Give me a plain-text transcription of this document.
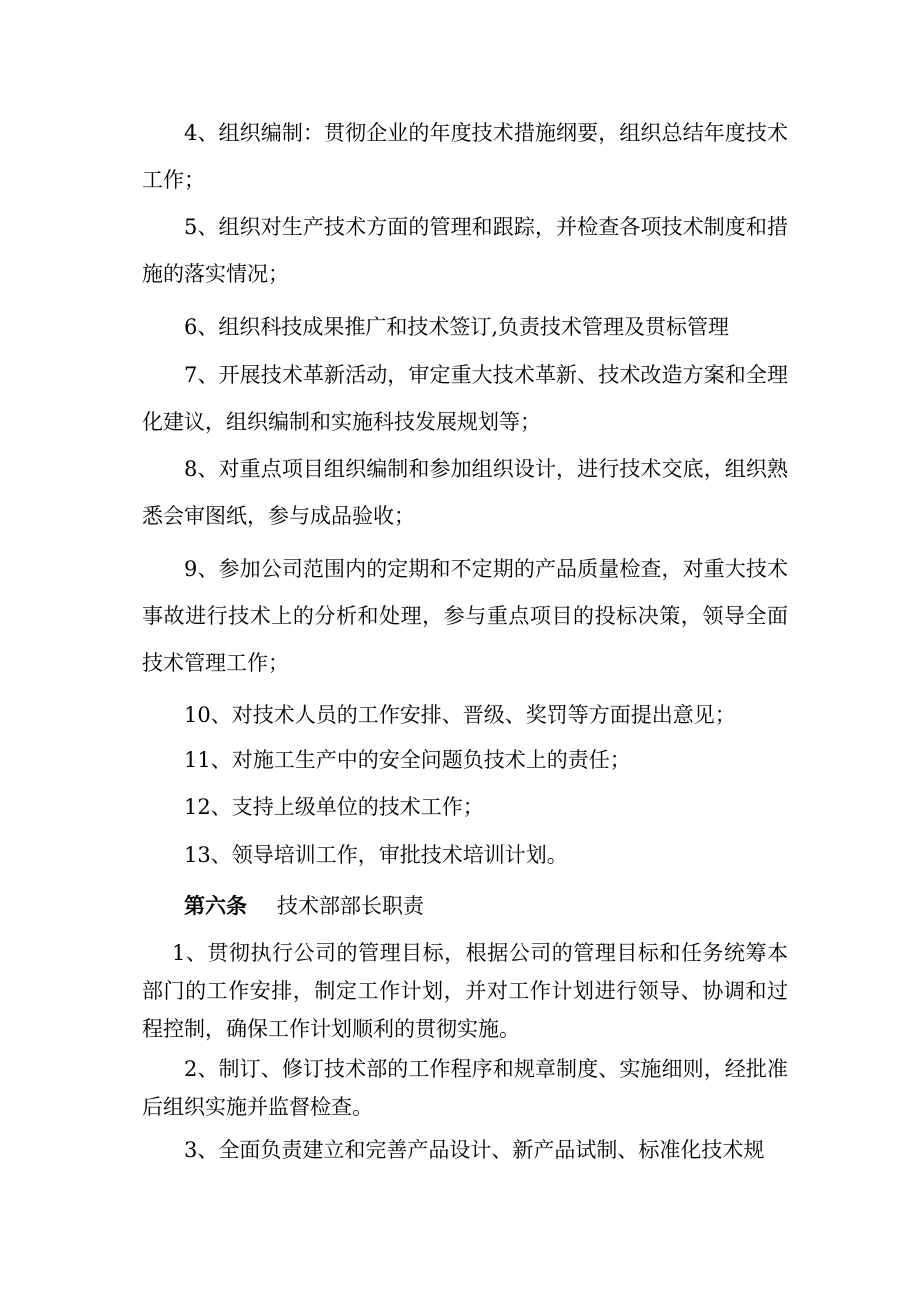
4、组织编制：贯彻企业的年度技术措施纲要，组织总结年度技术工作；

5、组织对生产技术方面的管理和跟踪，并检查各项技术制度和措施的落实情况；

6、组织科技成果推广和技术签订,负责技术管理及贯标管理

7、开展技术革新活动，审定重大技术革新、技术改造方案和全理化建议，组织编制和实施科技发展规划等；

8、对重点项目组织编制和参加组织设计，进行技术交底，组织熟悉会审图纸，参与成品验收；

9、参加公司范围内的定期和不定期的产品质量检查，对重大技术事故进行技术上的分析和处理，参与重点项目的投标决策，领导全面技术管理工作；

10、对技术人员的工作安排、晋级、奖罚等方面提出意见；

11、对施工生产中的安全问题负技术上的责任；

12、支持上级单位的技术工作；

13、领导培训工作，审批技术培训计划。

第六条 技术部部长职责

1、贯彻执行公司的管理目标，根据公司的管理目标和任务统筹本部门的工作安排，制定工作计划，并对工作计划进行领导、协调和过程控制，确保工作计划顺利的贯彻实施。

2、制订、修订技术部的工作程序和规章制度、实施细则，经批准后组织实施并监督检查。

3、全面负责建立和完善产品设计、新产品试制、标准化技术规
